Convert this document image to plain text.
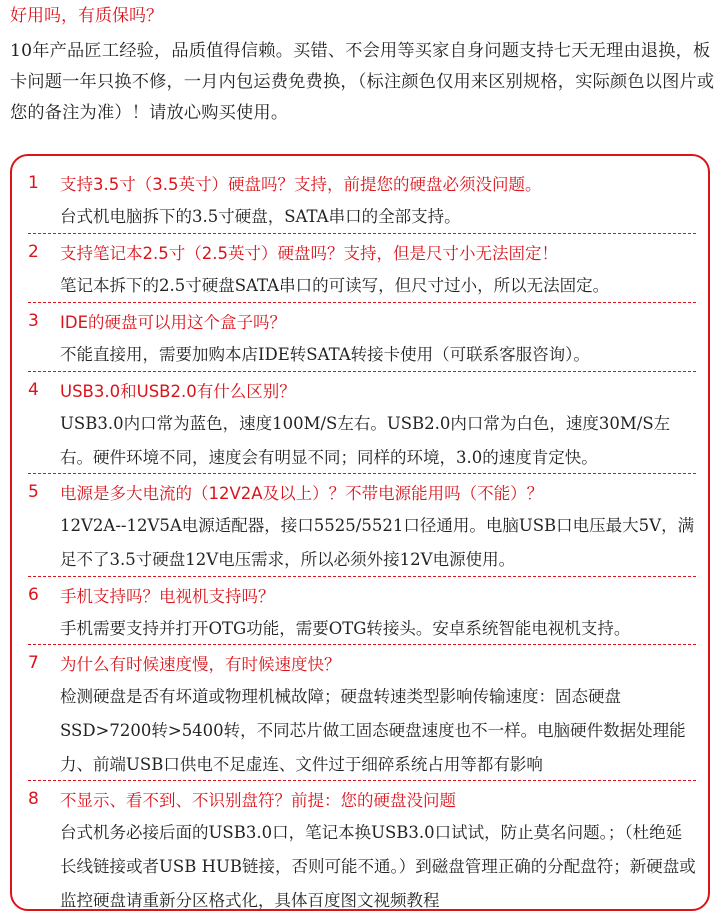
好用吗，有质保吗？
10年产品匠工经验，品质值得信赖。买错、不会用等买家自身问题支持七天无理由退换，板卡问题一年只换不修，一月内包运费免费换，（标注颜色仅用来区别规格，实际颜色以图片或您的备注为准）！请放心购买使用。
1	支持3.5寸（3.5英寸）硬盘吗？支持，前提您的硬盘必须没问题。
台式机电脑拆下的3.5寸硬盘，SATA串口的全部支持。
2	支持笔记本2.5寸（2.5英寸）硬盘吗？支持，但是尺寸小无法固定！
笔记本拆下的2.5寸硬盘SATA串口的可读写，但尺寸过小，所以无法固定。
3	IDE的硬盘可以用这个盒子吗？
不能直接用，需要加购本店IDE转SATA转接卡使用（可联系客服咨询）。
4	USB3.0和USB2.0有什么区别？
USB3.0内口常为蓝色，速度100M/S左右。USB2.0内口常为白色，速度30M/S左右。硬件环境不同，速度会有明显不同；同样的环境，3.0的速度肯定快。
5	电源是多大电流的（12V2A及以上）？不带电源能用吗（不能）？
12V2A--12V5A电源适配器，接口5525/5521口径通用。电脑USB口电压最大5V，满足不了3.5寸硬盘12V电压需求，所以必须外接12V电源使用。
6	手机支持吗？电视机支持吗？
手机需要支持并打开OTG功能，需要OTG转接头。安卓系统智能电视机支持。
7	为什么有时候速度慢，有时候速度快？
检测硬盘是否有坏道或物理机械故障；硬盘转速类型影响传输速度：固态硬盘SSD>7200转>5400转，不同芯片做工固态硬盘速度也不一样。电脑硬件数据处理能力、前端USB口供电不足虚连、文件过于细碎系统占用等都有影响
8	不显示、看不到、不识别盘符？前提：您的硬盘没问题
台式机务必接后面的USB3.0口，笔记本换USB3.0口试试，防止莫名问题。；（杜绝延长线链接或者USB HUB链接，否则可能不通。）到磁盘管理正确的分配盘符；新硬盘或监控硬盘请重新分区格式化，具体百度图文视频教程
